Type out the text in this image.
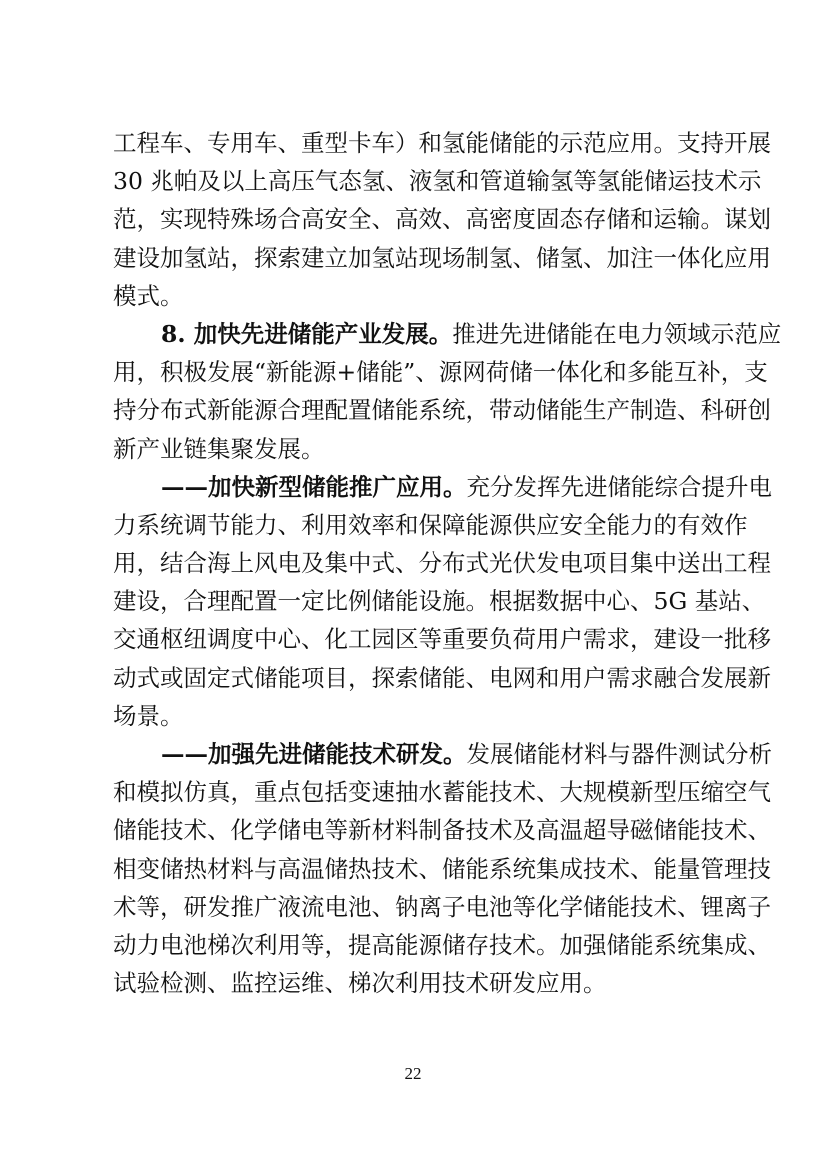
工程车、专用车、重型卡车）和氢能储能的示范应用。支持开展
30 兆帕及以上高压气态氢、液氢和管道输氢等氢能储运技术示
范，实现特殊场合高安全、高效、高密度固态存储和运输。谋划
建设加氢站，探索建立加氢站现场制氢、储氢、加注一体化应用
模式。
8. 加快先进储能产业发展。推进先进储能在电力领域示范应
用，积极发展“新能源+储能”、源网荷储一体化和多能互补，支
持分布式新能源合理配置储能系统，带动储能生产制造、科研创
新产业链集聚发展。
——加快新型储能推广应用。充分发挥先进储能综合提升电
力系统调节能力、利用效率和保障能源供应安全能力的有效作
用，结合海上风电及集中式、分布式光伏发电项目集中送出工程
建设，合理配置一定比例储能设施。根据数据中心、5G 基站、
交通枢纽调度中心、化工园区等重要负荷用户需求，建设一批移
动式或固定式储能项目，探索储能、电网和用户需求融合发展新
场景。
——加强先进储能技术研发。发展储能材料与器件测试分析
和模拟仿真，重点包括变速抽水蓄能技术、大规模新型压缩空气
储能技术、化学储电等新材料制备技术及高温超导磁储能技术、
相变储热材料与高温储热技术、储能系统集成技术、能量管理技
术等，研发推广液流电池、钠离子电池等化学储能技术、锂离子
动力电池梯次利用等，提高能源储存技术。加强储能系统集成、
试验检测、监控运维、梯次利用技术研发应用。
22
